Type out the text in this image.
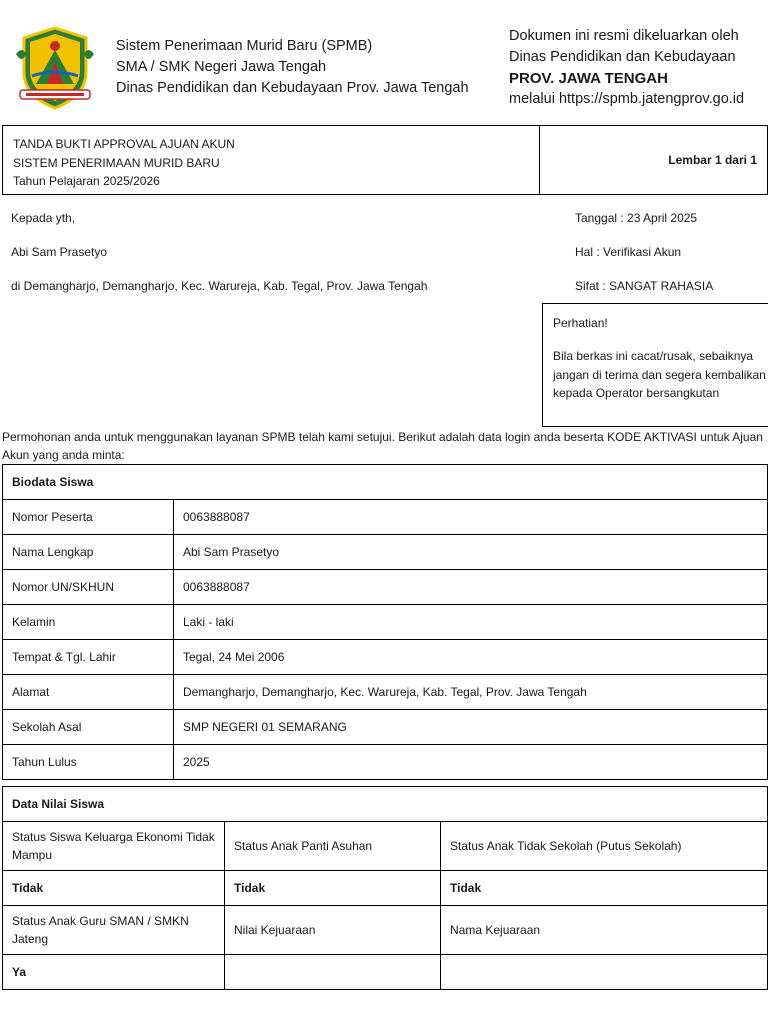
Sistem Penerimaan Murid Baru (SPMB)
SMA / SMK Negeri Jawa Tengah
Dinas Pendidikan dan Kebudayaan Prov. Jawa Tengah
Dokumen ini resmi dikeluarkan oleh
Dinas Pendidikan dan Kebudayaan
PROV. JAWA TENGAH
melalui https://spmb.jatengprov.go.id
TANDA BUKTI APPROVAL AJUAN AKUN
SISTEM PENERIMAAN MURID BARU
Tahun Pelajaran 2025/2026
Lembar 1 dari 1
Kepada yth,
Abi Sam Prasetyo
di Demangharjo, Demangharjo, Kec. Warureja, Kab. Tegal, Prov. Jawa Tengah
Tanggal : 23 April 2025
Hal : Verifikasi Akun
Sifat : SANGAT RAHASIA
Perhatian!
Bila berkas ini cacat/rusak, sebaiknya jangan di terima dan segera kembalikan kepada Operator bersangkutan
Permohonan anda untuk menggunakan layanan SPMB telah kami setujui. Berikut adalah data login anda beserta KODE AKTIVASI untuk Ajuan Akun yang anda minta:
Biodata Siswa	
Nomor Peserta	0063888087
Nama Lengkap	Abi Sam Prasetyo
Nomor UN/SKHUN	0063888087
Kelamin	Laki - laki
Tempat & Tgl. Lahir	Tegal, 24 Mei 2006
Alamat	Demangharjo, Demangharjo, Kec. Warureja, Kab. Tegal, Prov. Jawa Tengah
Sekolah Asal	SMP NEGERI 01 SEMARANG
Tahun Lulus	2025
Data Nilai Siswa		
Status Siswa Keluarga Ekonomi Tidak Mampu	Status Anak Panti Asuhan	Status Anak Tidak Sekolah (Putus Sekolah)
Tidak	Tidak	Tidak
Status Anak Guru SMAN / SMKN Jateng	Nilai Kejuaraan	Nama Kejuaraan
Ya		
